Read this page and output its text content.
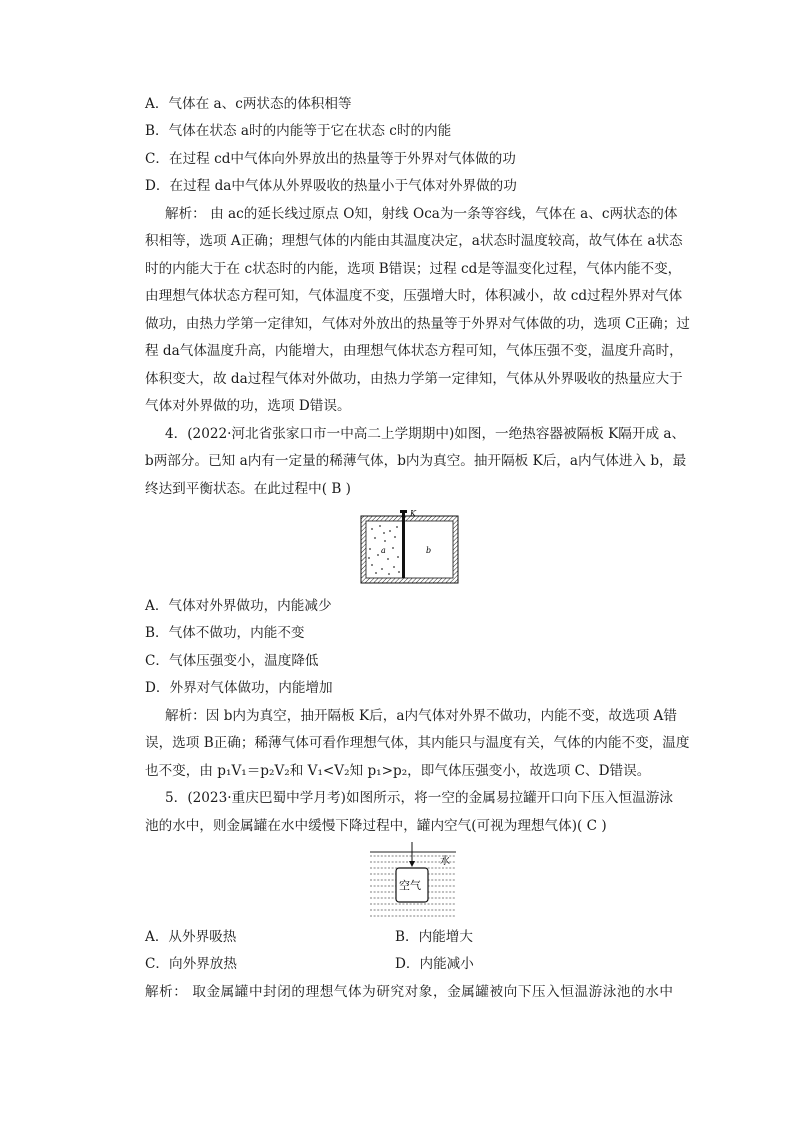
A．气体在 a、c两状态的体积相等
B．气体在状态 a时的内能等于它在状态 c时的内能
C．在过程 cd中气体向外界放出的热量等于外界对气体做的功
D．在过程 da中气体从外界吸收的热量小于气体对外界做的功
解析： 由 ac的延长线过原点 O知，射线 Oca为一条等容线，气体在 a、c两状态的体
积相等，选项 A正确；理想气体的内能由其温度决定，a状态时温度较高，故气体在 a状态
时的内能大于在 c状态时的内能，选项 B错误；过程 cd是等温变化过程，气体内能不变，
由理想气体状态方程可知，气体温度不变，压强增大时，体积减小，故 cd过程外界对气体
做功，由热力学第一定律知，气体对外放出的热量等于外界对气体做的功，选项 C正确；过
程 da气体温度升高，内能增大，由理想气体状态方程可知，气体压强不变，温度升高时，
体积变大，故 da过程气体对外做功，由热力学第一定律知，气体从外界吸收的热量应大于
气体对外界做的功，选项 D错误。
4．(2022·河北省张家口市一中高二上学期期中)如图，一绝热容器被隔板 K隔开成 a、
b两部分。已知 a内有一定量的稀薄气体，b内为真空。抽开隔板 K后，a内气体进入 b，最
终达到平衡状态。在此过程中( B )
K
a	b
A．气体对外界做功，内能减少
B．气体不做功，内能不变
C．气体压强变小，温度降低
D．外界对气体做功，内能增加
解析：因 b内为真空，抽开隔板 K后，a内气体对外界不做功，内能不变，故选项 A错
误，选项 B正确；稀薄气体可看作理想气体，其内能只与温度有关，气体的内能不变，温度
也不变，由 p₁V₁＝p₂V₂和 V₁<V₂知 p₁>p₂，即气体压强变小，故选项 C、D错误。
5．(2023·重庆巴蜀中学月考)如图所示，将一空的金属易拉罐开口向下压入恒温游泳
池的水中，则金属罐在水中缓慢下降过程中，罐内空气(可视为理想气体)( C )
空气
水
A．从外界吸热	B．内能增大
C．向外界放热	D．内能减小
解析： 取金属罐中封闭的理想气体为研究对象，金属罐被向下压入恒温游泳池的水中
